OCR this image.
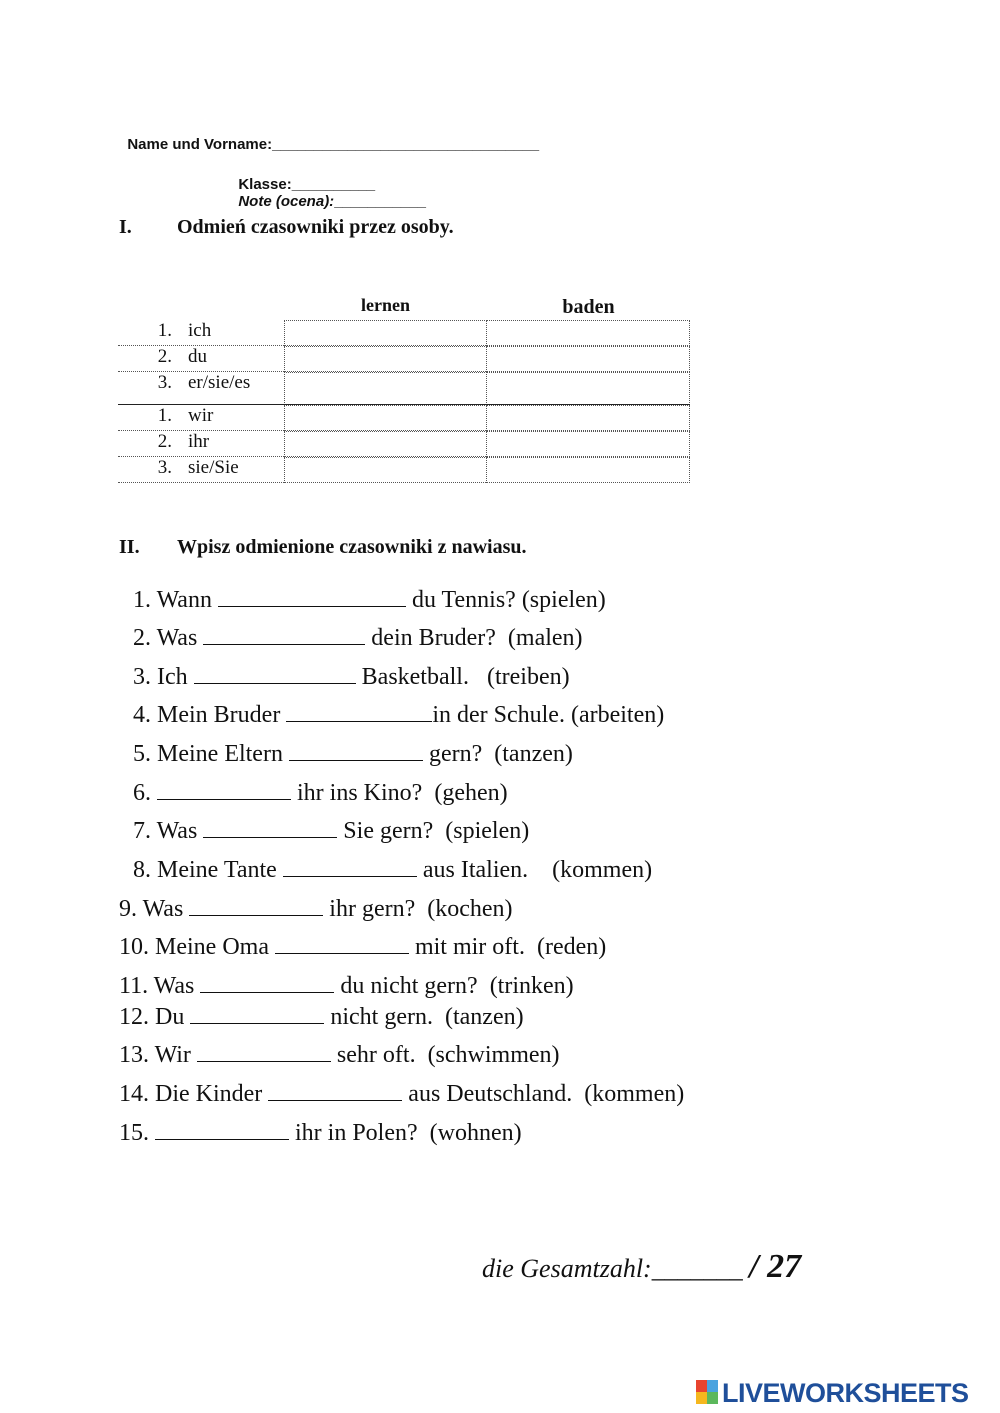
Name und Vorname:________________________________

Klasse:__________
Note (ocena):___________

I. Odmień czasowniki przez osoby.
lernen	baden
1. ich
2. du
3. er/sie/es
1. wir
2. ihr
3. sie/Sie
II. Wpisz odmienione czasowniki z nawiasu.
1. Wann	du Tennis? (spielen)
2. Was	dein Bruder?  (malen)
3. Ich	Basketball.   (treiben)
4. Mein Bruder	in der Schule. (arbeiten)
5. Meine Eltern	gern?  (tanzen)
6.	ihr ins Kino?  (gehen)
7. Was	Sie gern?  (spielen)
8. Meine Tante	aus Italien.    (kommen)
9. Was	ihr gern?  (kochen)
10. Meine Oma	mit mir oft.  (reden)
11. Was	du nicht gern?  (trinken)
12. Du	nicht gern.  (tanzen)
13. Wir	sehr oft.  (schwimmen)
14. Die Kinder	aus Deutschland.  (kommen)
15.	ihr in Polen?  (wohnen)
die Gesamtzahl:_______ / 27
LIVEWORKSHEETS
